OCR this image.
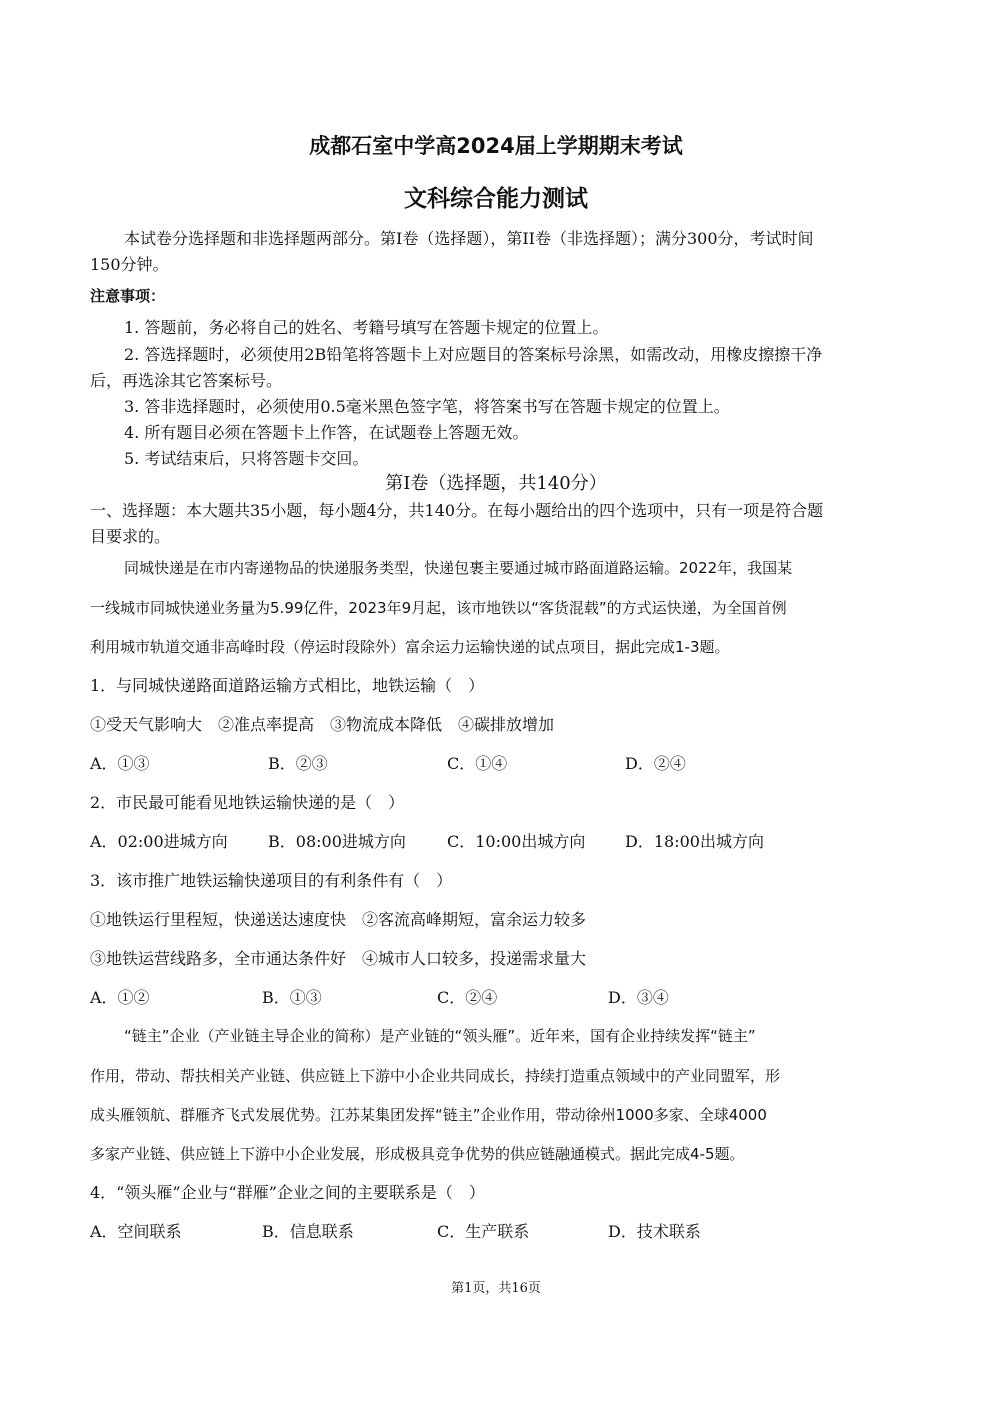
成都石室中学高2024届上学期期末考试
文科综合能力测试
本试卷分选择题和非选择题两部分。第Ⅰ卷（选择题），第II卷（非选择题）；满分300分，考试时间
150分钟。
注意事项：
1. 答题前，务必将自己的姓名、考籍号填写在答题卡规定的位置上。
2. 答选择题时，必须使用2B铅笔将答题卡上对应题目的答案标号涂黑，如需改动，用橡皮擦擦干净
后，再选涂其它答案标号。
3. 答非选择题时，必须使用0.5毫米黑色签字笔，将答案书写在答题卡规定的位置上。
4. 所有题目必须在答题卡上作答，在试题卷上答题无效。
5. 考试结束后，只将答题卡交回。
第Ⅰ卷（选择题，共140分）
一、选择题：本大题共35小题，每小题4分，共140分。在每小题给出的四个选项中，只有一项是符合题
目要求的。
同城快递是在市内寄递物品的快递服务类型，快递包裹主要通过城市路面道路运输。2022年，我国某
一线城市同城快递业务量为5.99亿件，2023年9月起，该市地铁以“客货混载”的方式运快递，为全国首例
利用城市轨道交通非高峰时段（停运时段除外）富余运力运输快递的试点项目，据此完成1-3题。
1．与同城快递路面道路运输方式相比，地铁运输（　）
①受天气影响大　②准点率提高　③物流成本降低　④碳排放增加
A．①③	B．②③	C．①④	D．②④
2．市民最可能看见地铁运输快递的是（　）
A．02:00进城方向	B．08:00进城方向	C．10:00出城方向 D．18:00出城方向
3．该市推广地铁运输快递项目的有利条件有（　）
①地铁运行里程短，快递送达速度快　②客流高峰期短，富余运力较多
③地铁运营线路多，全市通达条件好　④城市人口较多，投递需求量大
A．①②	B．①③	C．②④	D．③④
“链主”企业（产业链主导企业的简称）是产业链的“领头雁”。近年来，国有企业持续发挥“链主”
作用，带动、帮扶相关产业链、供应链上下游中小企业共同成长，持续打造重点领域中的产业同盟军，形
成头雁领航、群雁齐飞式发展优势。江苏某集团发挥“链主”企业作用，带动徐州1000多家、全球4000
多家产业链、供应链上下游中小企业发展，形成极具竞争优势的供应链融通模式。据此完成4-5题。
4．“领头雁”企业与“群雁”企业之间的主要联系是（　）
A．空间联系	B．信息联系	C．生产联系	D．技术联系
第1页，共16页
